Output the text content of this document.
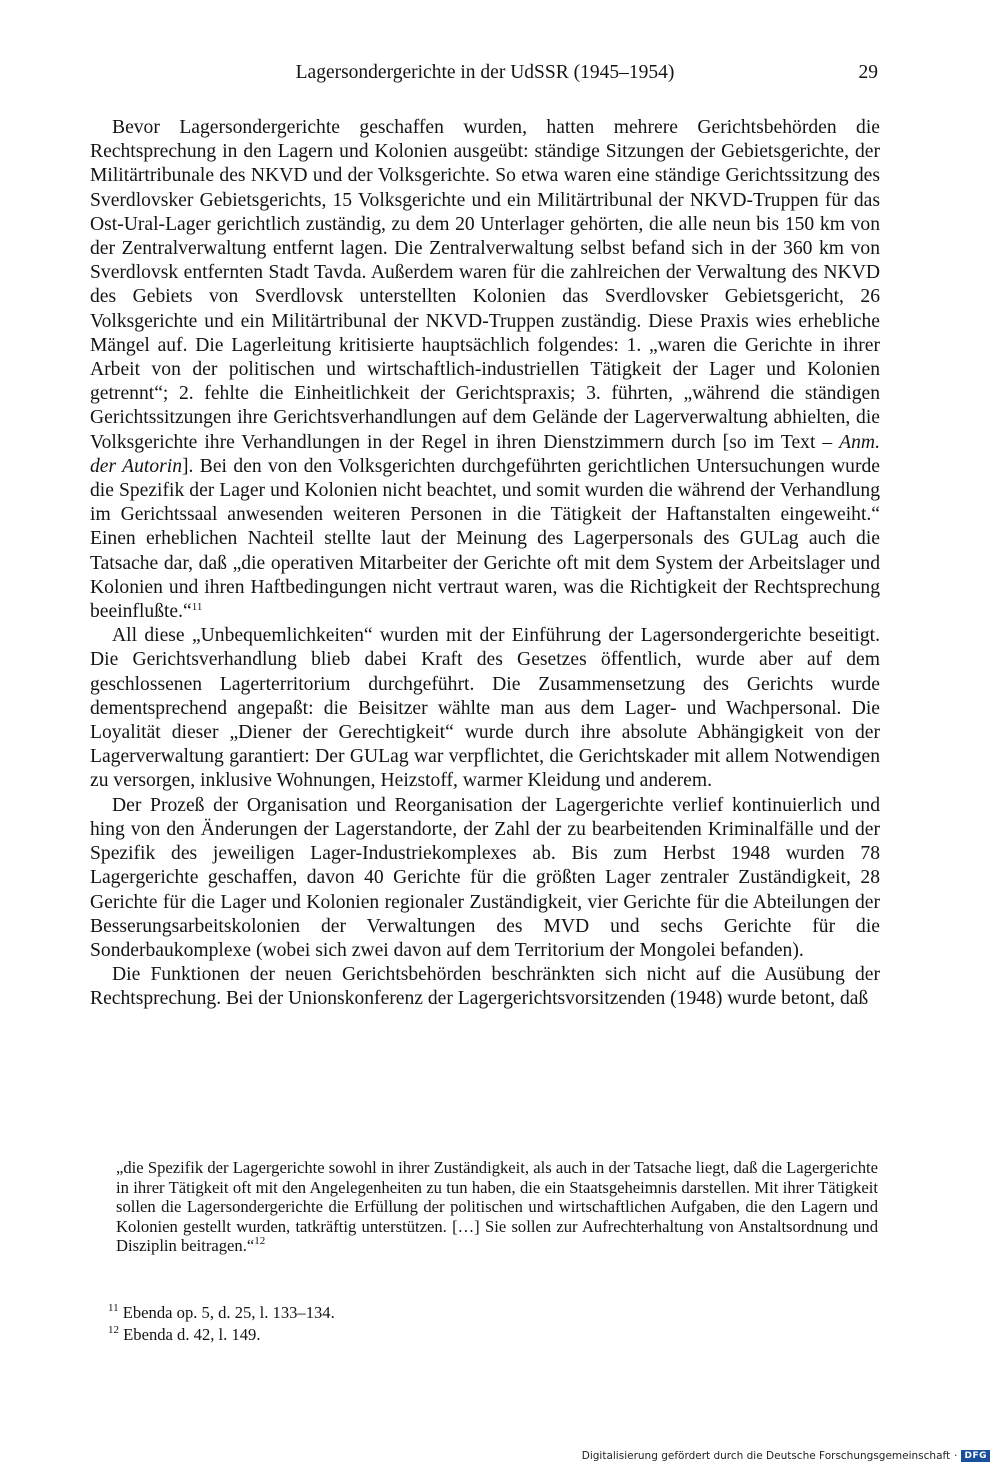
Lagersondergerichte in der UdSSR (1945–1954)	29

Bevor Lagersondergerichte geschaffen wurden, hatten mehrere Gerichtsbehörden die Rechtsprechung in den Lagern und Kolonien ausgeübt: ständige Sitzungen der Gebietsgerichte, der Militärtribunale des NKVD und der Volksgerichte. So etwa waren eine ständige Gerichtssitzung des Sverdlovsker Gebietsgerichts, 15 Volksgerichte und ein Militärtribunal der NKVD-Truppen für das Ost-Ural-Lager gerichtlich zuständig, zu dem 20 Unterlager gehörten, die alle neun bis 150 km von der Zentralverwaltung entfernt lagen. Die Zentralverwaltung selbst befand sich in der 360 km von Sverdlovsk entfernten Stadt Tavda. Außerdem waren für die zahlreichen der Verwaltung des NKVD des Gebiets von Sverdlovsk unterstellten Kolonien das Sverdlovsker Gebietsgericht, 26 Volksgerichte und ein Militärtribunal der NKVD-Truppen zuständig. Diese Praxis wies erhebliche Mängel auf. Die Lagerleitung kritisierte hauptsächlich folgendes: 1. „waren die Gerichte in ihrer Arbeit von der politischen und wirtschaftlich-industriellen Tätigkeit der Lager und Kolonien getrennt“; 2. fehlte die Einheitlichkeit der Gerichtspraxis; 3. führten, „während die ständigen Gerichtssitzungen ihre Gerichtsverhandlungen auf dem Gelände der Lagerverwaltung abhielten, die Volksgerichte ihre Verhandlungen in der Regel in ihren Dienstzimmern durch [so im Text – Anm. der Autorin]. Bei den von den Volksgerichten durchgeführten gerichtlichen Untersuchungen wurde die Spezifik der Lager und Kolonien nicht beachtet, und somit wurden die während der Verhandlung im Gerichtssaal anwesenden weiteren Personen in die Tätigkeit der Haftanstalten eingeweiht.“ Einen erheblichen Nachteil stellte laut der Meinung des Lagerpersonals des GULag auch die Tatsache dar, daß „die operativen Mitarbeiter der Gerichte oft mit dem System der Arbeitslager und Kolonien und ihren Haftbedingungen nicht vertraut waren, was die Richtigkeit der Rechtsprechung beeinflußte.“$^{11}$

All diese „Unbequemlichkeiten“ wurden mit der Einführung der Lagersondergerichte beseitigt. Die Gerichtsverhandlung blieb dabei Kraft des Gesetzes öffentlich, wurde aber auf dem geschlossenen Lagerterritorium durchgeführt. Die Zusammensetzung des Gerichts wurde dementsprechend angepaßt: die Beisitzer wählte man aus dem Lager- und Wachpersonal. Die Loyalität dieser „Diener der Gerechtigkeit“ wurde durch ihre absolute Abhängigkeit von der Lagerverwaltung garantiert: Der GULag war verpflichtet, die Gerichtskader mit allem Notwendigen zu versorgen, inklusive Wohnungen, Heizstoff, warmer Kleidung und anderem.

Der Prozeß der Organisation und Reorganisation der Lagergerichte verlief kontinuierlich und hing von den Änderungen der Lagerstandorte, der Zahl der zu bearbeitenden Kriminalfälle und der Spezifik des jeweiligen Lager-Industriekomplexes ab. Bis zum Herbst 1948 wurden 78 Lagergerichte geschaffen, davon 40 Gerichte für die größten Lager zentraler Zuständigkeit, 28 Gerichte für die Lager und Kolonien regionaler Zuständigkeit, vier Gerichte für die Abteilungen der Besserungsarbeitskolonien der Verwaltungen des MVD und sechs Gerichte für die Sonderbaukomplexe (wobei sich zwei davon auf dem Territorium der Mongolei befanden).

Die Funktionen der neuen Gerichtsbehörden beschränkten sich nicht auf die Ausübung der Rechtsprechung. Bei der Unionskonferenz der Lagergerichtsvorsitzenden (1948) wurde betont, daß

„die Spezifik der Lagergerichte sowohl in ihrer Zuständigkeit, als auch in der Tatsache liegt, daß die Lagergerichte in ihrer Tätigkeit oft mit den Angelegenheiten zu tun haben, die ein Staatsgeheimnis darstellen. Mit ihrer Tätigkeit sollen die Lagersondergerichte die Erfüllung der politischen und wirtschaftlichen Aufgaben, die den Lagern und Kolonien gestellt wurden, tatkräftig unterstützen. […] Sie sollen zur Aufrechterhaltung von Anstaltsordnung und Disziplin beitragen.“$^{12}$

$^{11}$ Ebenda op. 5, d. 25, l. 133–134.
$^{12}$ Ebenda d. 42, l. 149.
Digitalisierung gefördert durch die Deutsche Forschungsgemeinschaft · DFG
